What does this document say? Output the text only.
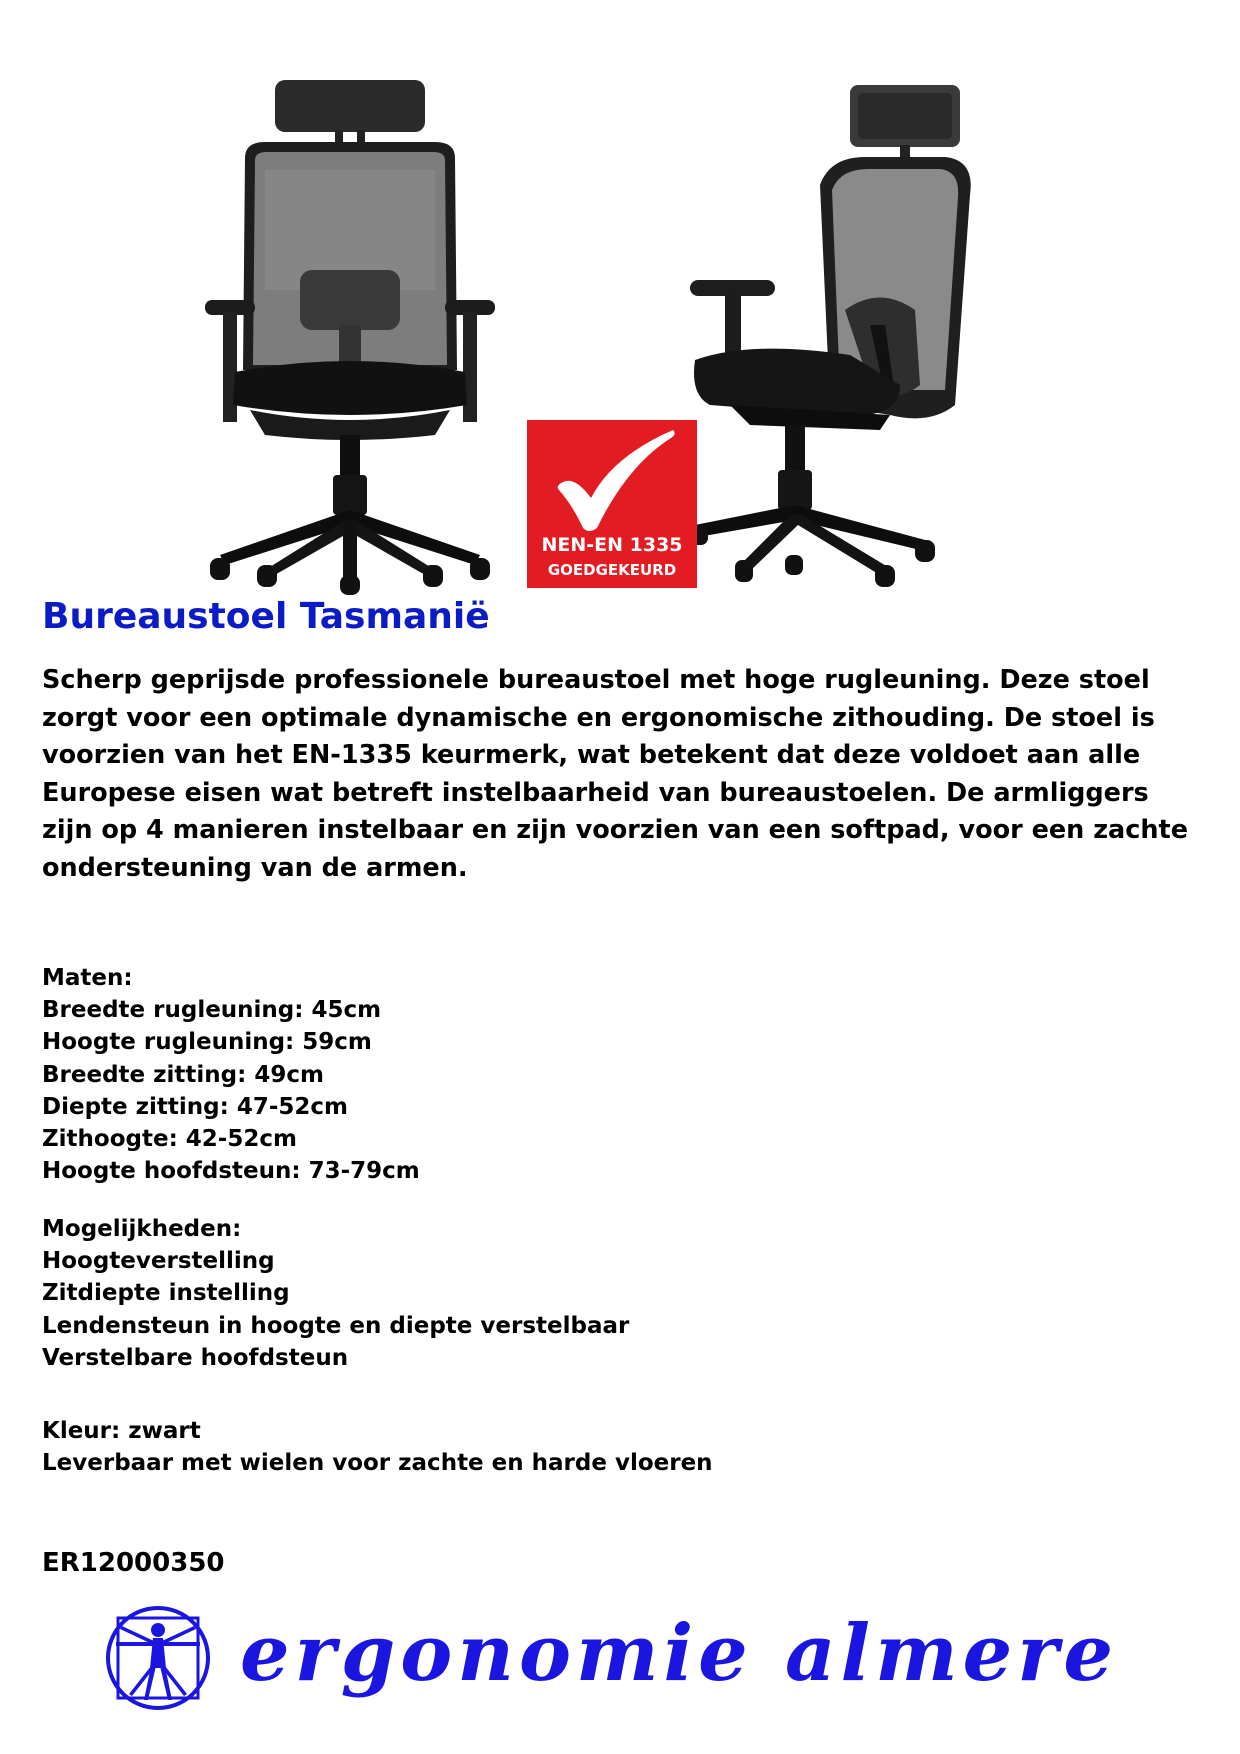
NEN-EN 1335
GOEDGEKEURD
Bureaustoel Tasmanië

Scherp geprijsde professionele bureaustoel met hoge rugleuning. Deze stoel zorgt voor een optimale dynamische en ergonomische zithouding. De stoel is voorzien van het EN-1335 keurmerk, wat betekent dat deze voldoet aan alle Europese eisen wat betreft instelbaarheid van bureaustoelen. De armliggers zijn op 4 manieren instelbaar en zijn voorzien van een softpad, voor een zachte ondersteuning van de armen.

Maten:
Breedte rugleuning: 45cm
Hoogte rugleuning: 59cm
Breedte zitting: 49cm
Diepte zitting: 47-52cm
Zithoogte: 42-52cm
Hoogte hoofdsteun: 73-79cm
Mogelijkheden:
Hoogteverstelling
Zitdiepte instelling
Lendensteun in hoogte en diepte verstelbaar
Verstelbare hoofdsteun
Kleur: zwart
Leverbaar met wielen voor zachte en harde vloeren
ER12000350
ergonomie almere
